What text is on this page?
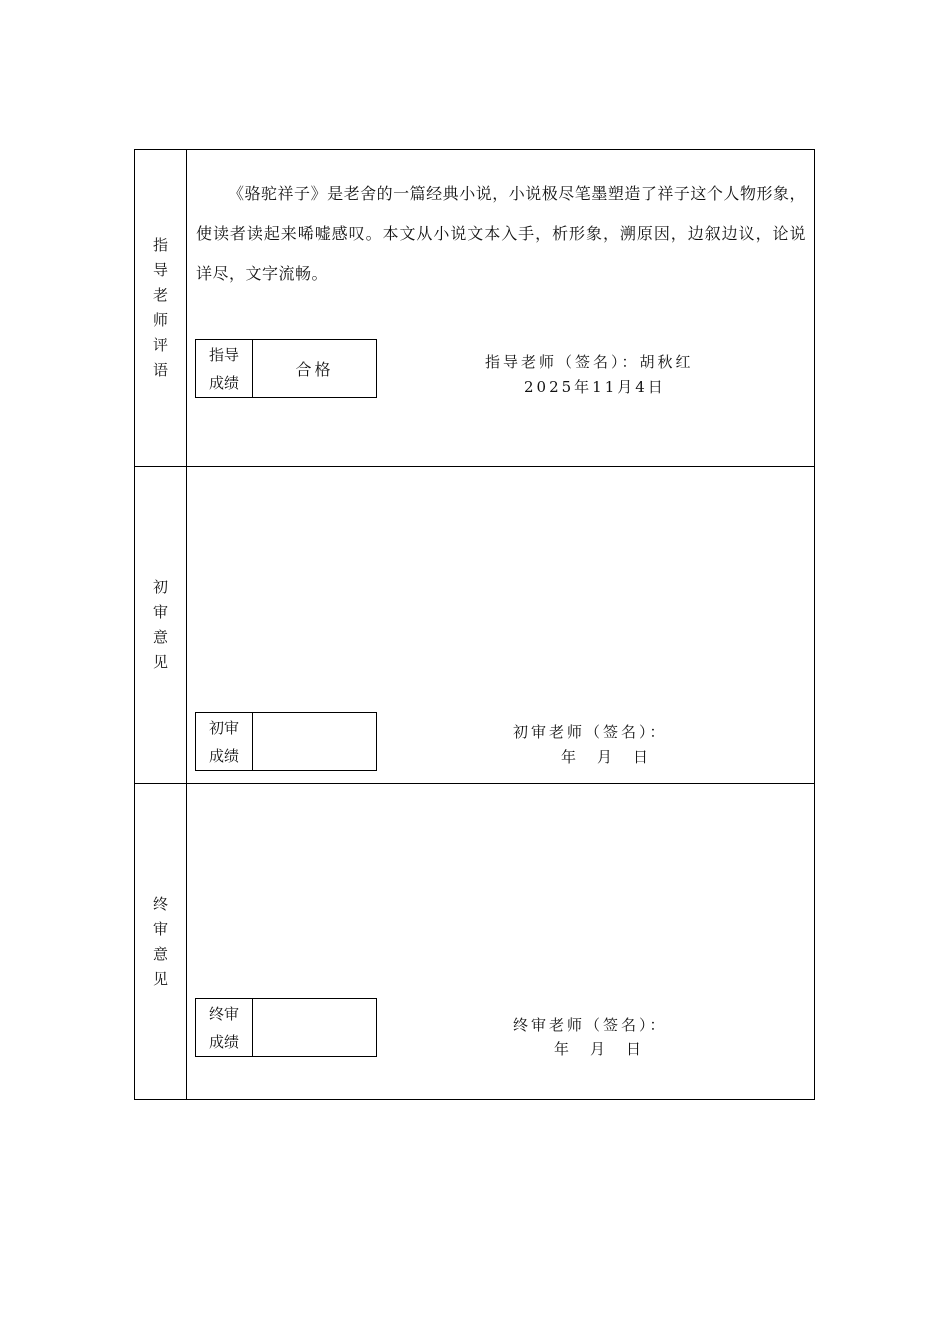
指
导
老
师
评
语
《骆驼祥子》是老舍的一篇经典小说，小说极尽笔墨塑造了祥子这个人物形象，使读者读起来唏嘘感叹。本文从小说文本入手，析形象，溯原因，边叙边议，论说详尽，文字流畅。
指导
成绩
合格	指导老师（签名）：胡秋红
2025年11月4日
初
审
意
见
初审
成绩
初审老师（签名）：
年　月　日
终
审
意
见
终审
成绩
终审老师（签名）：
年　月　日
